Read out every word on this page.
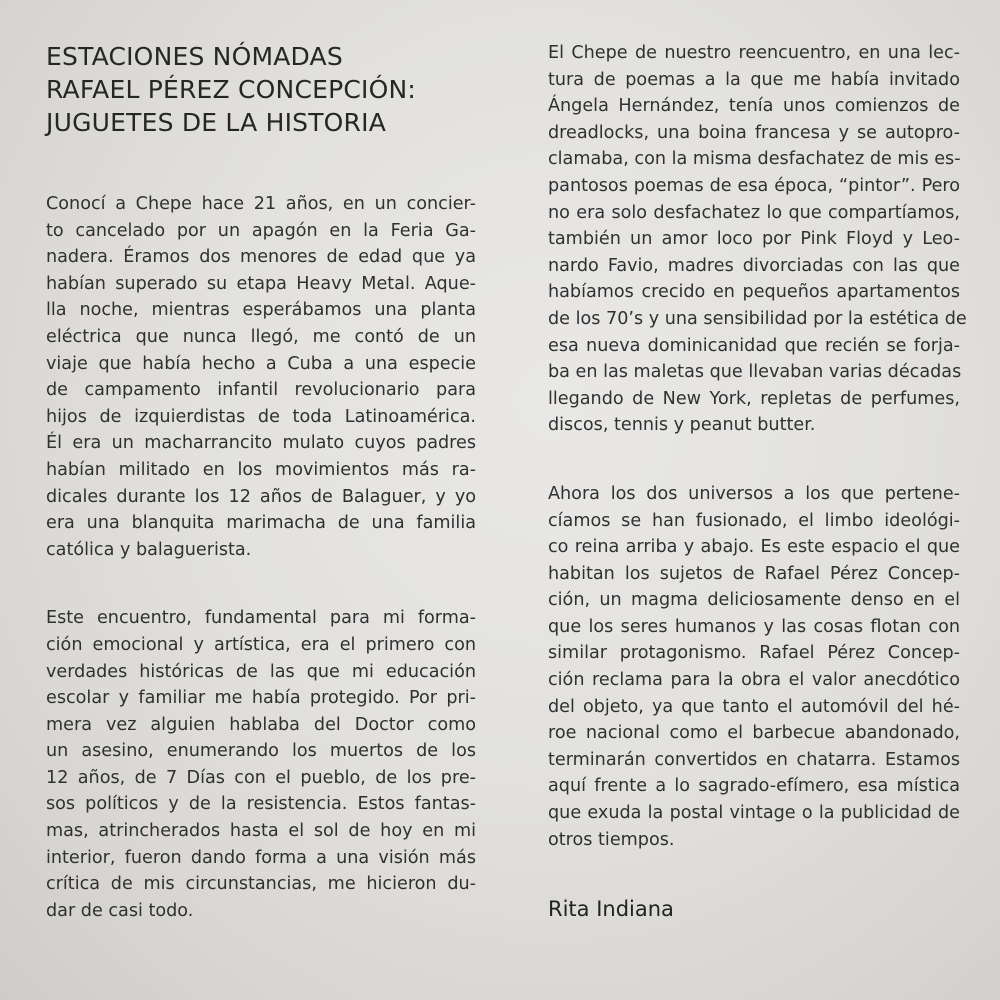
ESTACIONES NÓMADAS
RAFAEL PÉREZ CONCEPCIÓN:
JUGUETES DE LA HISTORIA

Conocí a Chepe hace 21 años, en un concier-
to cancelado por un apagón en la Feria Ga-
nadera. Éramos dos menores de edad que ya
habían superado su etapa Heavy Metal. Aque-
lla noche, mientras esperábamos una planta
eléctrica que nunca llegó, me contó de un
viaje que había hecho a Cuba a una especie
de campamento infantil revolucionario para
hijos de izquierdistas de toda Latinoamérica.
Él era un macharrancito mulato cuyos padres
habían militado en los movimientos más ra-
dicales durante los 12 años de Balaguer, y yo
era una blanquita marimacha de una familia
católica y balaguerista.

Este encuentro, fundamental para mi forma-
ción emocional y artística, era el primero con
verdades históricas de las que mi educación
escolar y familiar me había protegido. Por pri-
mera vez alguien hablaba del Doctor como
un asesino, enumerando los muertos de los
12 años, de 7 Días con el pueblo, de los pre-
sos políticos y de la resistencia. Estos fantas-
mas, atrincherados hasta el sol de hoy en mi
interior, fueron dando forma a una visión más
crítica de mis circunstancias, me hicieron du-
dar de casi todo.

El Chepe de nuestro reencuentro, en una lec-
tura de poemas a la que me había invitado
Ángela Hernández, tenía unos comienzos de
dreadlocks, una boina francesa y se autopro-
clamaba, con la misma desfachatez de mis es-
pantosos poemas de esa época, “pintor”. Pero
no era solo desfachatez lo que compartíamos,
también un amor loco por Pink Floyd y Leo-
nardo Favio, madres divorciadas con las que
habíamos crecido en pequeños apartamentos
de los 70’s y una sensibilidad por la estética de
esa nueva dominicanidad que recién se forja-
ba en las maletas que llevaban varias décadas
llegando de New York, repletas de perfumes,
discos, tennis y peanut butter.

Ahora los dos universos a los que pertene-
cíamos se han fusionado, el limbo ideológi-
co reina arriba y abajo. Es este espacio el que
habitan los sujetos de Rafael Pérez Concep-
ción, un magma deliciosamente denso en el
que los seres humanos y las cosas flotan con
similar protagonismo. Rafael Pérez Concep-
ción reclama para la obra el valor anecdótico
del objeto, ya que tanto el automóvil del hé-
roe nacional como el barbecue abandonado,
terminarán convertidos en chatarra. Estamos
aquí frente a lo sagrado-efímero, esa mística
que exuda la postal vintage o la publicidad de
otros tiempos.

Rita Indiana
